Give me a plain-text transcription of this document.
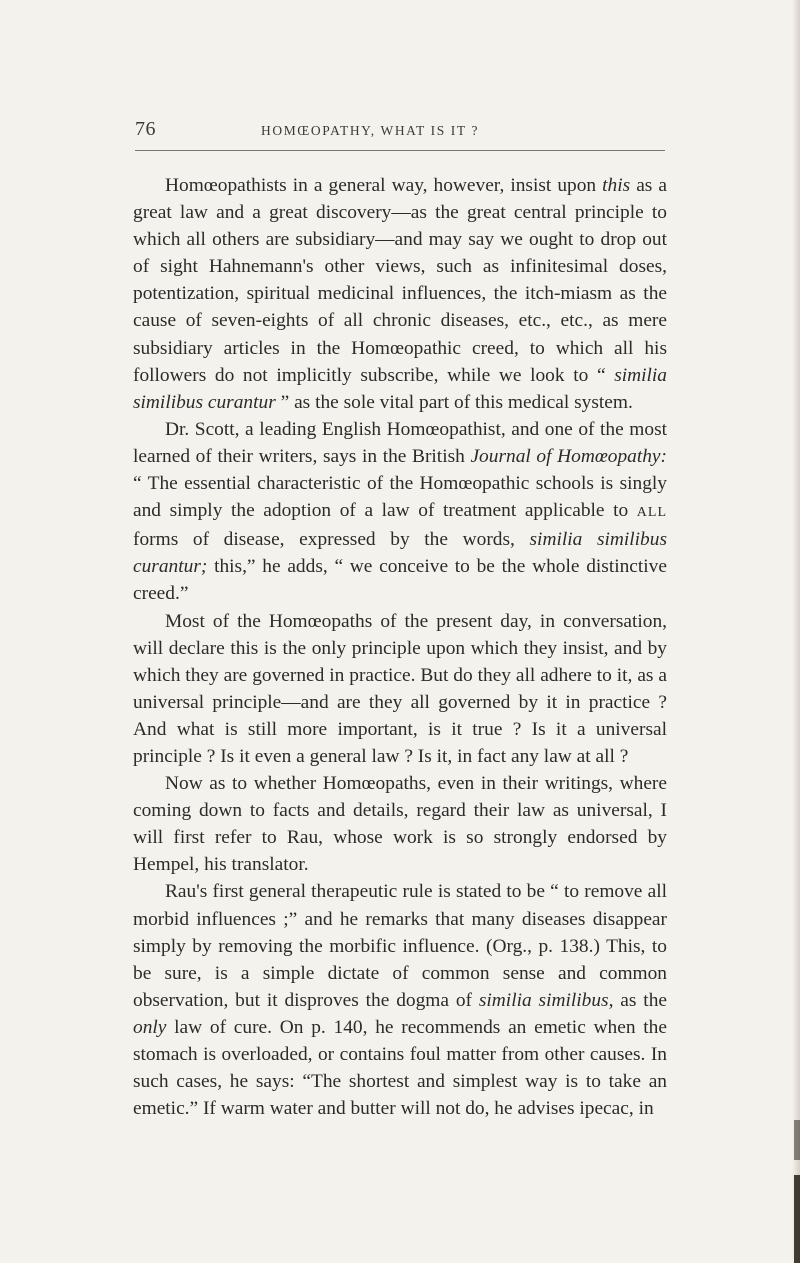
76	HOMŒOPATHY, WHAT IS IT ?

Homœopathists in a general way, however, insist upon this as a great law and a great discovery—as the great central principle to which all others are subsidiary—and may say we ought to drop out of sight Hahnemann's other views, such as infinitesimal doses, potentization, spiritual medicinal influences, the itch-miasm as the cause of seven-eights of all chronic diseases, etc., etc., as mere subsidiary articles in the Homœopathic creed, to which all his followers do not implicitly subscribe, while we look to “ similia similibus curantur ” as the sole vital part of this medical system.

Dr. Scott, a leading English Homœopathist, and one of the most learned of their writers, says in the British Journal of Homœopathy: “ The essential characteristic of the Homœopathic schools is singly and simply the adoption of a law of treatment applicable to ALL forms of disease, expressed by the words, similia similibus curantur; this,” he adds, “ we conceive to be the whole distinctive creed.”

Most of the Homœopaths of the present day, in conversation, will declare this is the only principle upon which they insist, and by which they are governed in practice. But do they all adhere to it, as a universal principle—and are they all governed by it in practice ? And what is still more important, is it true ? Is it a universal principle ? Is it even a general law ? Is it, in fact any law at all ?

Now as to whether Homœopaths, even in their writings, where coming down to facts and details, regard their law as universal, I will first refer to Rau, whose work is so strongly endorsed by Hempel, his translator.

Rau's first general therapeutic rule is stated to be “ to remove all morbid influences ;” and he remarks that many diseases disappear simply by removing the morbific influence. (Org., p. 138.) This, to be sure, is a simple dictate of common sense and common observation, but it disproves the dogma of similia similibus, as the only law of cure. On p. 140, he recommends an emetic when the stomach is overloaded, or contains foul matter from other causes. In such cases, he says: “The shortest and simplest way is to take an emetic.” If warm water and butter will not do, he advises ipecac, in
